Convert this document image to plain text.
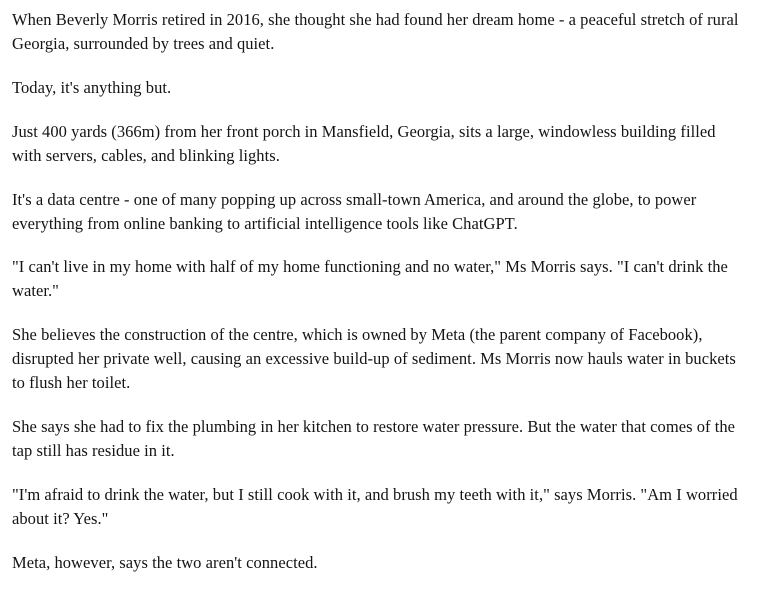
When Beverly Morris retired in 2016, she thought she had found her dream home - a peaceful stretch of rural Georgia, surrounded by trees and quiet.

Today, it's anything but.

Just 400 yards (366m) from her front porch in Mansfield, Georgia, sits a large, windowless building filled with servers, cables, and blinking lights.

It's a data centre - one of many popping up across small-town America, and around the globe, to power everything from online banking to artificial intelligence tools like ChatGPT.

"I can't live in my home with half of my home functioning and no water," Ms Morris says. "I can't drink the water."

She believes the construction of the centre, which is owned by Meta (the parent company of Facebook), disrupted her private well, causing an excessive build-up of sediment. Ms Morris now hauls water in buckets to flush her toilet.

She says she had to fix the plumbing in her kitchen to restore water pressure. But the water that comes of the tap still has residue in it.

"I'm afraid to drink the water, but I still cook with it, and brush my teeth with it," says Morris. "Am I worried about it? Yes."

Meta, however, says the two aren't connected.
